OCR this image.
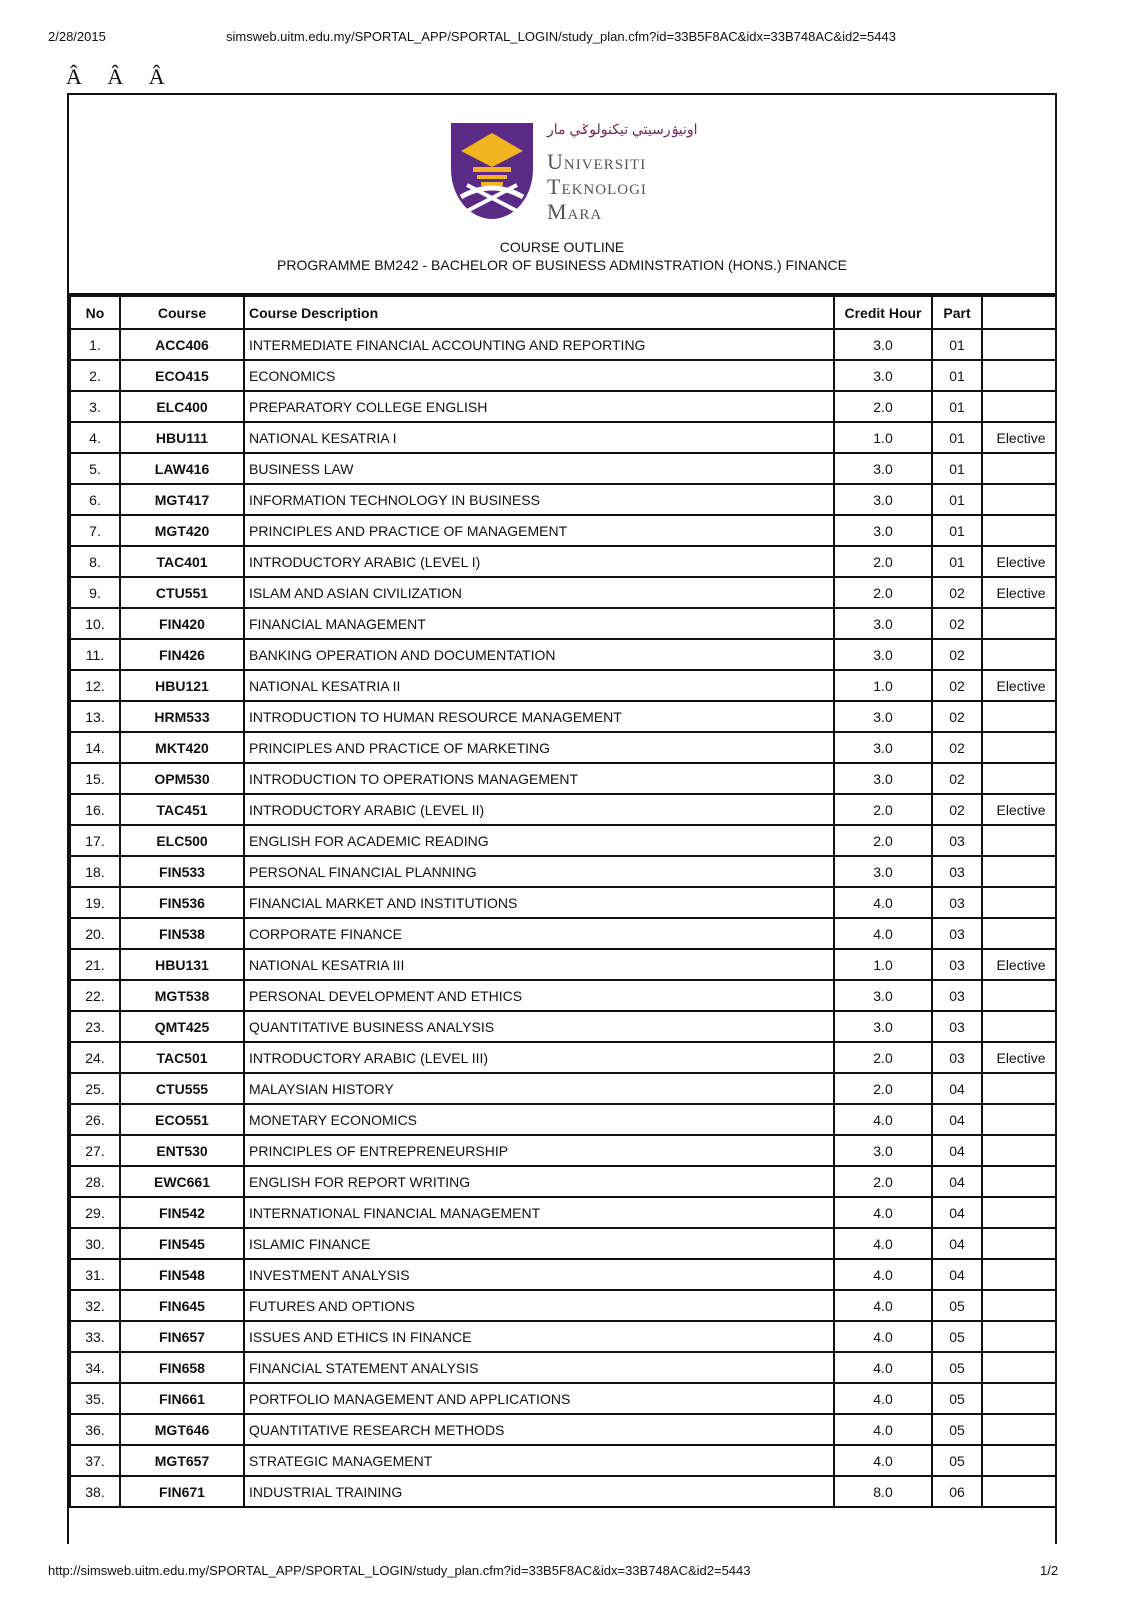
2/28/2015	simsweb.uitm.edu.my/SPORTAL_APP/SPORTAL_LOGIN/study_plan.cfm?id=33B5F8AC&idx=33B748AC&id2=5443
Â Â Â
اونيۏرسيتي تيكنولوݢي مار
Universiti
Teknologi
Mara
COURSE OUTLINE
PROGRAMME BM242 - BACHELOR OF BUSINESS ADMINSTRATION (HONS.) FINANCE
No	Course	Course Description	Credit Hour	Part	
1.	ACC406	INTERMEDIATE FINANCIAL ACCOUNTING AND REPORTING	3.0	01	
2.	ECO415	ECONOMICS	3.0	01	
3.	ELC400	PREPARATORY COLLEGE ENGLISH	2.0	01	
4.	HBU111	NATIONAL KESATRIA I	1.0	01	Elective
5.	LAW416	BUSINESS LAW	3.0	01	
6.	MGT417	INFORMATION TECHNOLOGY IN BUSINESS	3.0	01	
7.	MGT420	PRINCIPLES AND PRACTICE OF MANAGEMENT	3.0	01	
8.	TAC401	INTRODUCTORY ARABIC (LEVEL I)	2.0	01	Elective
9.	CTU551	ISLAM AND ASIAN CIVILIZATION	2.0	02	Elective
10.	FIN420	FINANCIAL MANAGEMENT	3.0	02	
11.	FIN426	BANKING OPERATION AND DOCUMENTATION	3.0	02	
12.	HBU121	NATIONAL KESATRIA II	1.0	02	Elective
13.	HRM533	INTRODUCTION TO HUMAN RESOURCE MANAGEMENT	3.0	02	
14.	MKT420	PRINCIPLES AND PRACTICE OF MARKETING	3.0	02	
15.	OPM530	INTRODUCTION TO OPERATIONS MANAGEMENT	3.0	02	
16.	TAC451	INTRODUCTORY ARABIC (LEVEL II)	2.0	02	Elective
17.	ELC500	ENGLISH FOR ACADEMIC READING	2.0	03	
18.	FIN533	PERSONAL FINANCIAL PLANNING	3.0	03	
19.	FIN536	FINANCIAL MARKET AND INSTITUTIONS	4.0	03	
20.	FIN538	CORPORATE FINANCE	4.0	03	
21.	HBU131	NATIONAL KESATRIA III	1.0	03	Elective
22.	MGT538	PERSONAL DEVELOPMENT AND ETHICS	3.0	03	
23.	QMT425	QUANTITATIVE BUSINESS ANALYSIS	3.0	03	
24.	TAC501	INTRODUCTORY ARABIC (LEVEL III)	2.0	03	Elective
25.	CTU555	MALAYSIAN HISTORY	2.0	04	
26.	ECO551	MONETARY ECONOMICS	4.0	04	
27.	ENT530	PRINCIPLES OF ENTREPRENEURSHIP	3.0	04	
28.	EWC661	ENGLISH FOR REPORT WRITING	2.0	04	
29.	FIN542	INTERNATIONAL FINANCIAL MANAGEMENT	4.0	04	
30.	FIN545	ISLAMIC FINANCE	4.0	04	
31.	FIN548	INVESTMENT ANALYSIS	4.0	04	
32.	FIN645	FUTURES AND OPTIONS	4.0	05	
33.	FIN657	ISSUES AND ETHICS IN FINANCE	4.0	05	
34.	FIN658	FINANCIAL STATEMENT ANALYSIS	4.0	05	
35.	FIN661	PORTFOLIO MANAGEMENT AND APPLICATIONS	4.0	05	
36.	MGT646	QUANTITATIVE RESEARCH METHODS	4.0	05	
37.	MGT657	STRATEGIC MANAGEMENT	4.0	05	
38.	FIN671	INDUSTRIAL TRAINING	8.0	06	
http://simsweb.uitm.edu.my/SPORTAL_APP/SPORTAL_LOGIN/study_plan.cfm?id=33B5F8AC&idx=33B748AC&id2=5443	1/2
